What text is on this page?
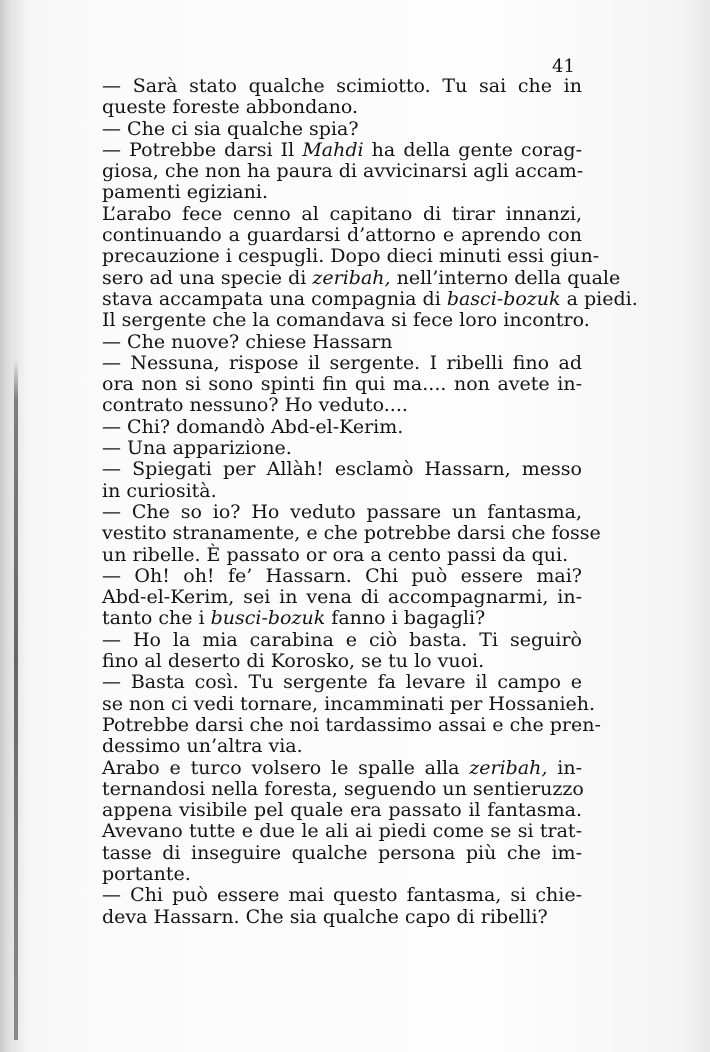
41
— Sarà stato qualche scimiotto. Tu sai che in
queste foreste abbondano.
— Che ci sia qualche spia?
— Potrebbe darsi Il Mahdi ha della gente corag-
giosa, che non ha paura di avvicinarsi agli accam-
pamenti egiziani.
L’arabo fece cenno al capitano di tirar innanzi,
continuando a guardarsi d’attorno e aprendo con
precauzione i cespugli. Dopo dieci minuti essi giun-
sero ad una specie di zeribah, nell’interno della quale
stava accampata una compagnia di basci-bozuk a piedi.
Il sergente che la comandava si fece loro incontro.
— Che nuove? chiese Hassarn
— Nessuna, rispose il sergente. I ribelli fino ad
ora non si sono spinti fin qui ma.... non avete in-
contrato nessuno? Ho veduto....
— Chi? domandò Abd-el-Kerim.
— Una apparizione.
— Spiegati per Allàh! esclamò Hassarn, messo
in curiosità.
— Che so io? Ho veduto passare un fantasma,
vestito stranamente, e che potrebbe darsi che fosse
un ribelle. È passato or ora a cento passi da qui.
— Oh! oh! fe’ Hassarn. Chi può essere mai?
Abd-el-Kerim, sei in vena di accompagnarmi, in-
tanto che i busci-bozuk fanno i bagagli?
— Ho la mia carabina e ciò basta. Ti seguirò
fino al deserto di Korosko, se tu lo vuoi.
— Basta così. Tu sergente fa levare il campo e
se non ci vedi tornare, incamminati per Hossanieh.
Potrebbe darsi che noi tardassimo assai e che pren-
dessimo un’altra via.
Arabo e turco volsero le spalle alla zeribah, in-
ternandosi nella foresta, seguendo un sentieruzzo
appena visibile pel quale era passato il fantasma.
Avevano tutte e due le ali ai piedi come se si trat-
tasse di inseguire qualche persona più che im-
portante.
— Chi può essere mai questo fantasma, si chie-
deva Hassarn. Che sia qualche capo di ribelli?
